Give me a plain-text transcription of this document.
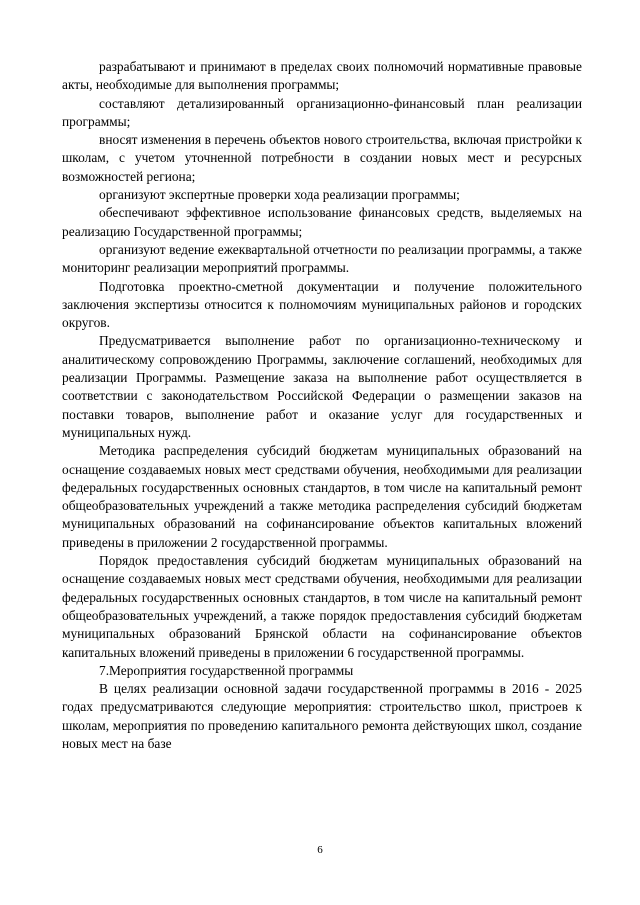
разрабатывают и принимают в пределах своих полномочий нормативные правовые акты, необходимые для выполнения программы;

составляют детализированный организационно-финансовый план реализации программы;

вносят изменения в перечень объектов нового строительства, включая пристройки к школам, с учетом уточненной потребности в создании новых мест и ресурсных возможностей региона;

организуют экспертные проверки хода реализации программы;

обеспечивают эффективное использование финансовых средств, выделяемых на реализацию Государственной программы;

организуют ведение ежеквартальной отчетности по реализации программы, а также мониторинг реализации мероприятий программы.

Подготовка проектно-сметной документации и получение положительного заключения экспертизы относится к полномочиям муниципальных районов и городских округов.

Предусматривается выполнение работ по организационно-техническому и аналитическому сопровождению Программы, заключение соглашений, необходимых для реализации Программы. Размещение заказа на выполнение работ осуществляется в соответствии с законодательством Российской Федерации о размещении заказов на поставки товаров, выполнение работ и оказание услуг для государственных и муниципальных нужд.

Методика распределения субсидий бюджетам муниципальных образований на оснащение создаваемых новых мест средствами обучения, необходимыми для реализации федеральных государственных основных стандартов, в том числе на капитальный ремонт общеобразовательных учреждений а также методика распределения субсидий бюджетам муниципальных образований на софинансирование объектов капитальных вложений приведены в приложении 2 государственной программы.

Порядок предоставления субсидий бюджетам муниципальных образований на оснащение создаваемых новых мест средствами обучения, необходимыми для реализации федеральных государственных основных стандартов, в том числе на капитальный ремонт общеобразовательных учреждений, а также порядок предоставления субсидий бюджетам муниципальных образований Брянской области на софинансирование объектов капитальных вложений приведены в приложении 6 государственной программы.

7.Мероприятия государственной программы

В целях реализации основной задачи государственной программы в 2016 - 2025 годах предусматриваются следующие мероприятия: строительство школ, пристроев к школам, мероприятия по проведению капитального ремонта действующих школ, создание новых мест на базе

6
